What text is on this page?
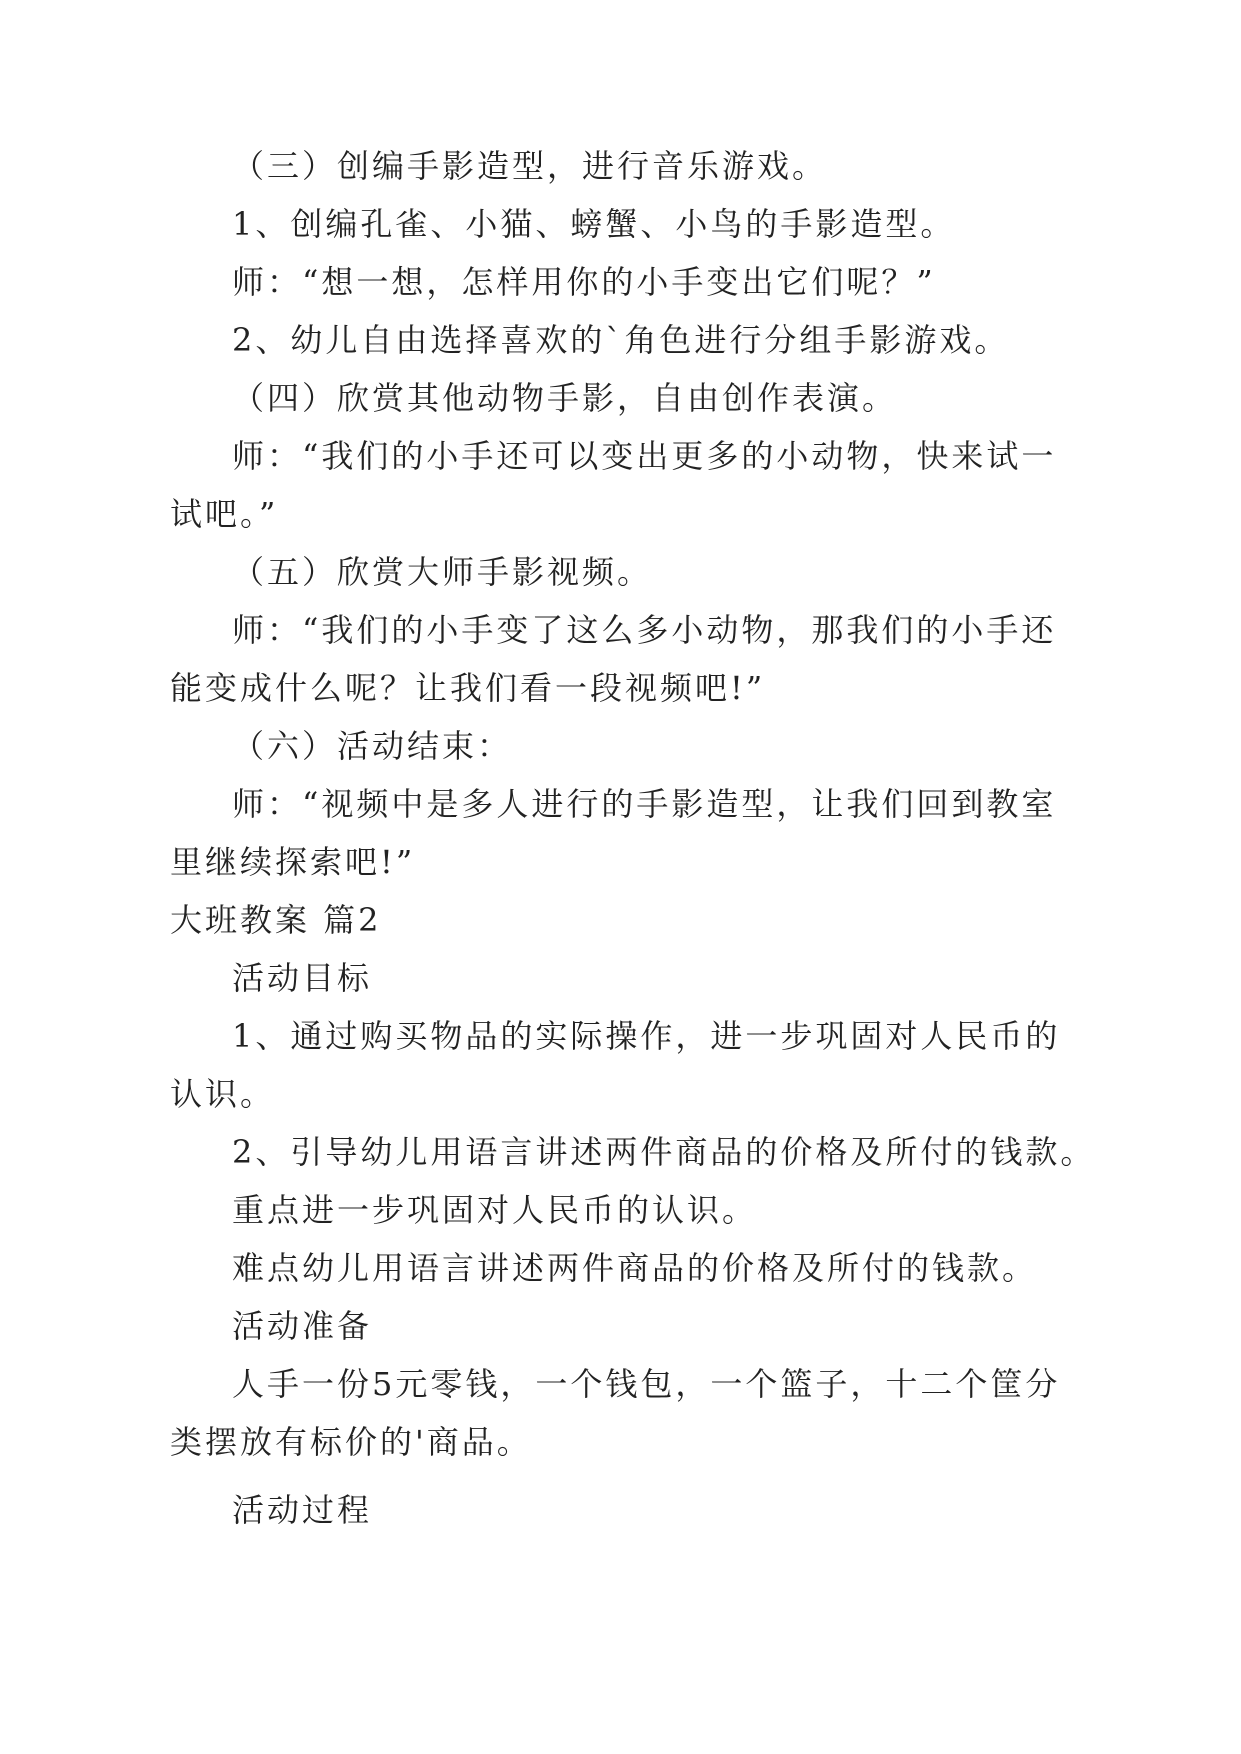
（三）创编手影造型，进行音乐游戏。

1、创编孔雀、小猫、螃蟹、小鸟的手影造型。

师：“想一想，怎样用你的小手变出它们呢？”

2、幼儿自由选择喜欢的`角色进行分组手影游戏。

（四）欣赏其他动物手影，自由创作表演。

师：“我们的小手还可以变出更多的小动物，快来试一

试吧。”

（五）欣赏大师手影视频。

师：“我们的小手变了这么多小动物，那我们的小手还

能变成什么呢？让我们看一段视频吧!”

（六）活动结束：

师：“视频中是多人进行的手影造型，让我们回到教室

里继续探索吧!”

大班教案 篇2

活动目标

1、通过购买物品的实际操作，进一步巩固对人民币的

认识。

2、引导幼儿用语言讲述两件商品的价格及所付的钱款。

重点进一步巩固对人民币的认识。

难点幼儿用语言讲述两件商品的价格及所付的钱款。

活动准备

人手一份5元零钱，一个钱包，一个篮子，十二个筐分

类摆放有标价的'商品。

活动过程
